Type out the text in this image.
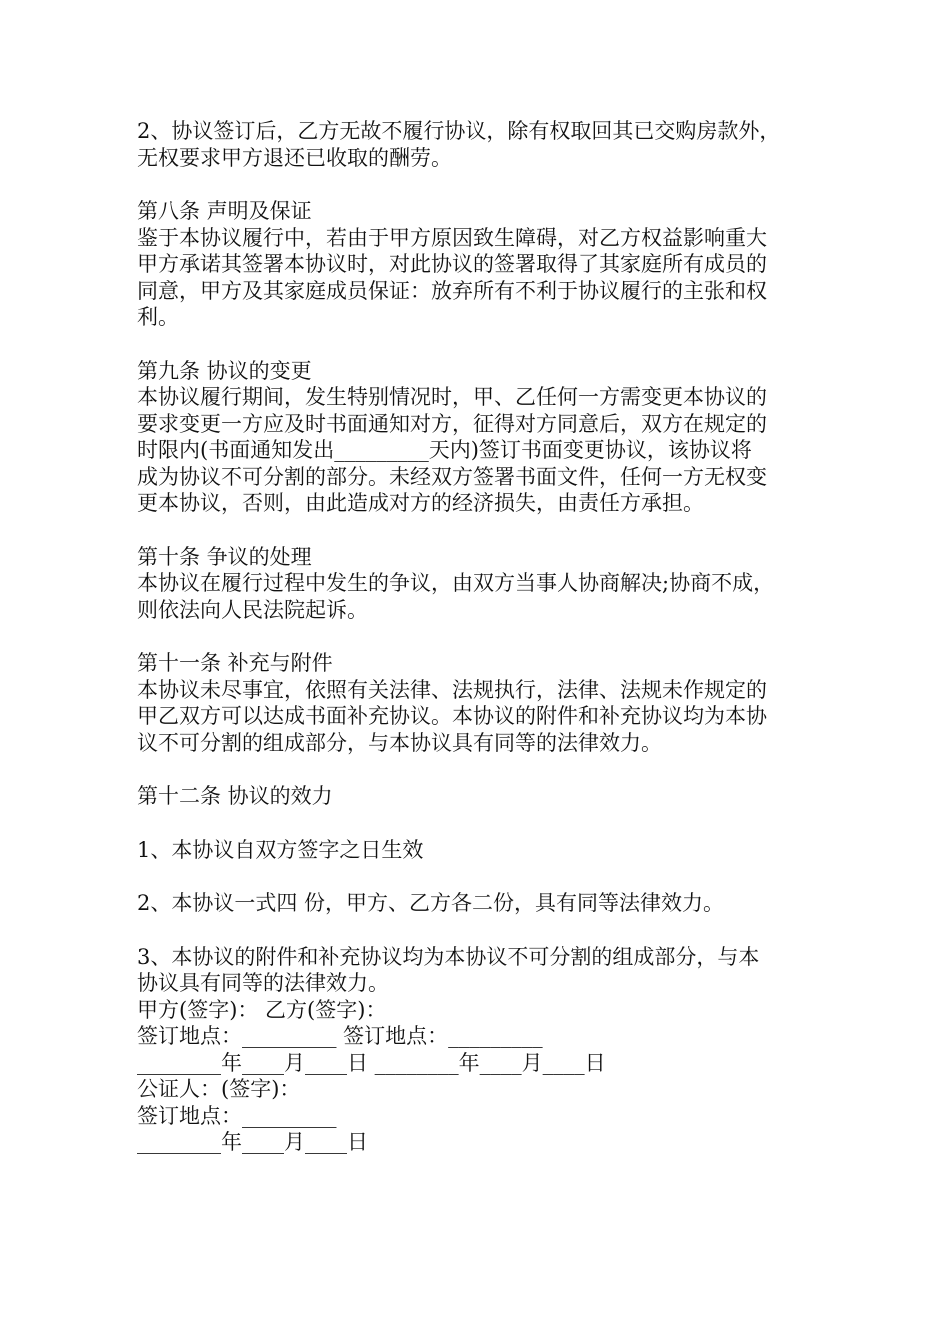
2、协议签订后，乙方无故不履行协议，除有权取回其已交购房款外，

无权要求甲方退还已收取的酬劳。

第八条 声明及保证

鉴于本协议履行中，若由于甲方原因致生障碍，对乙方权益影响重大

甲方承诺其签署本协议时，对此协议的签署取得了其家庭所有成员的

同意，甲方及其家庭成员保证：放弃所有不利于协议履行的主张和权

利。

第九条 协议的变更

本协议履行期间，发生特别情况时，甲、乙任何一方需变更本协议的

要求变更一方应及时书面通知对方，征得对方同意后，双方在规定的

时限内(书面通知发出_________天内)签订书面变更协议，该协议将

成为协议不可分割的部分。未经双方签署书面文件，任何一方无权变

更本协议，否则，由此造成对方的经济损失，由责任方承担。

第十条 争议的处理

本协议在履行过程中发生的争议，由双方当事人协商解决;协商不成，

则依法向人民法院起诉。

第十一条 补充与附件

本协议未尽事宜，依照有关法律、法规执行，法律、法规未作规定的

甲乙双方可以达成书面补充协议。本协议的附件和补充协议均为本协

议不可分割的组成部分，与本协议具有同等的法律效力。

第十二条 协议的效力

1、本协议自双方签字之日生效

2、本协议一式四 份，甲方、乙方各二份，具有同等法律效力。

3、本协议的附件和补充协议均为本协议不可分割的组成部分，与本

协议具有同等的法律效力。

甲方(签字)： 乙方(签字)：

签订地点：_________ 签订地点：_________

________年____月____日 ________年____月____日

公证人：(签字)：

签订地点：_________

________年____月____日
